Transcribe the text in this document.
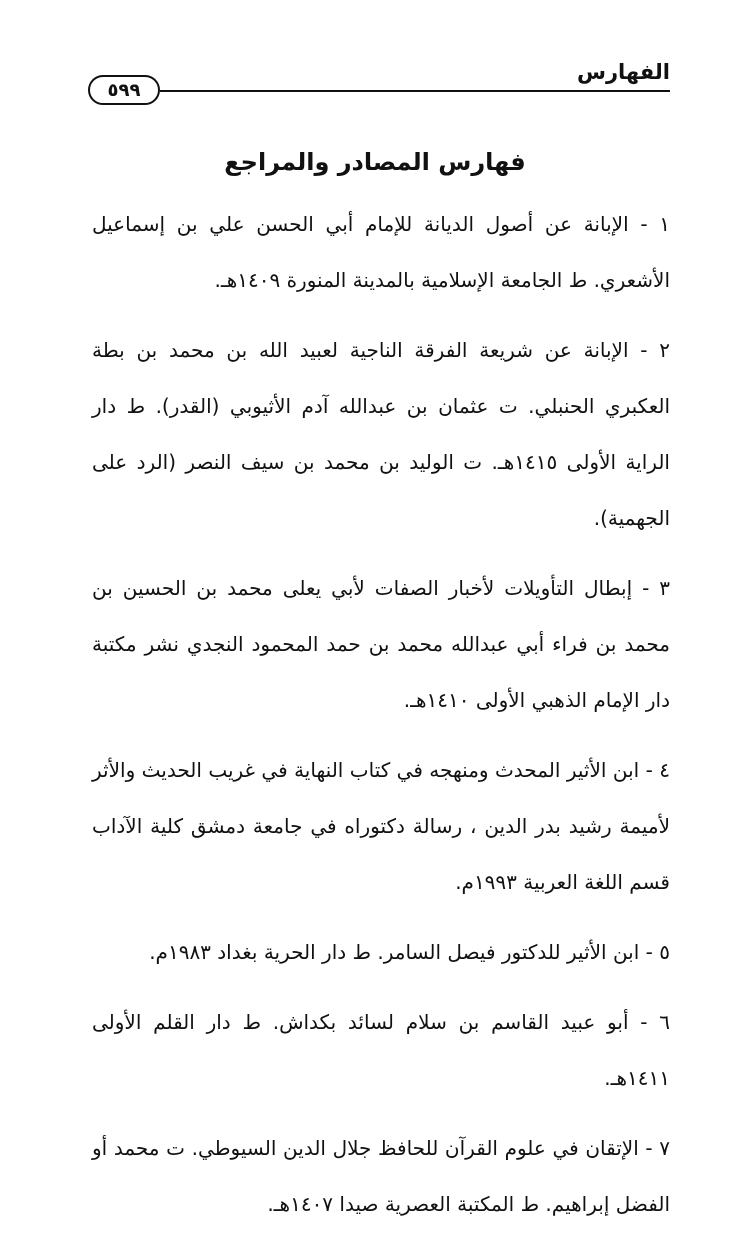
الفهارس
٥٩٩
فهارس المصادر والمراجع

١ - الإبانة عن أصول الديانة للإمام أبي الحسن علي بن إسماعيل الأشعري. ط الجامعة الإسلامية بالمدينة المنورة ١٤٠٩هـ.

٢ - الإبانة عن شريعة الفرقة الناجية لعبيد الله بن محمد بن بطة العكبري الحنبلي. ت عثمان بن عبدالله آدم الأثيوبي (القدر). ط دار الراية الأولى ١٤١٥هـ. ت الوليد بن محمد بن سيف النصر (الرد على الجهمية).

٣ - إبطال التأويلات لأخبار الصفات لأبي يعلى محمد بن الحسين بن محمد بن فراء أبي عبدالله محمد بن حمد المحمود النجدي نشر مكتبة دار الإمام الذهبي الأولى ١٤١٠هـ.

٤ - ابن الأثير المحدث ومنهجه في كتاب النهاية في غريب الحديث والأثر لأميمة رشيد بدر الدين ، رسالة دكتوراه في جامعة دمشق كلية الآداب قسم اللغة العربية ١٩٩٣م.

٥ - ابن الأثير للدكتور فيصل السامر. ط دار الحرية بغداد ١٩٨٣م.

٦ - أبو عبيد القاسم بن سلام لسائد بكداش. ط دار القلم الأولى ١٤١١هـ.

٧ - الإتقان في علوم القرآن للحافظ جلال الدين السيوطي. ت محمد أو الفضل إبراهيم. ط المكتبة العصرية صيدا ١٤٠٧هـ.
